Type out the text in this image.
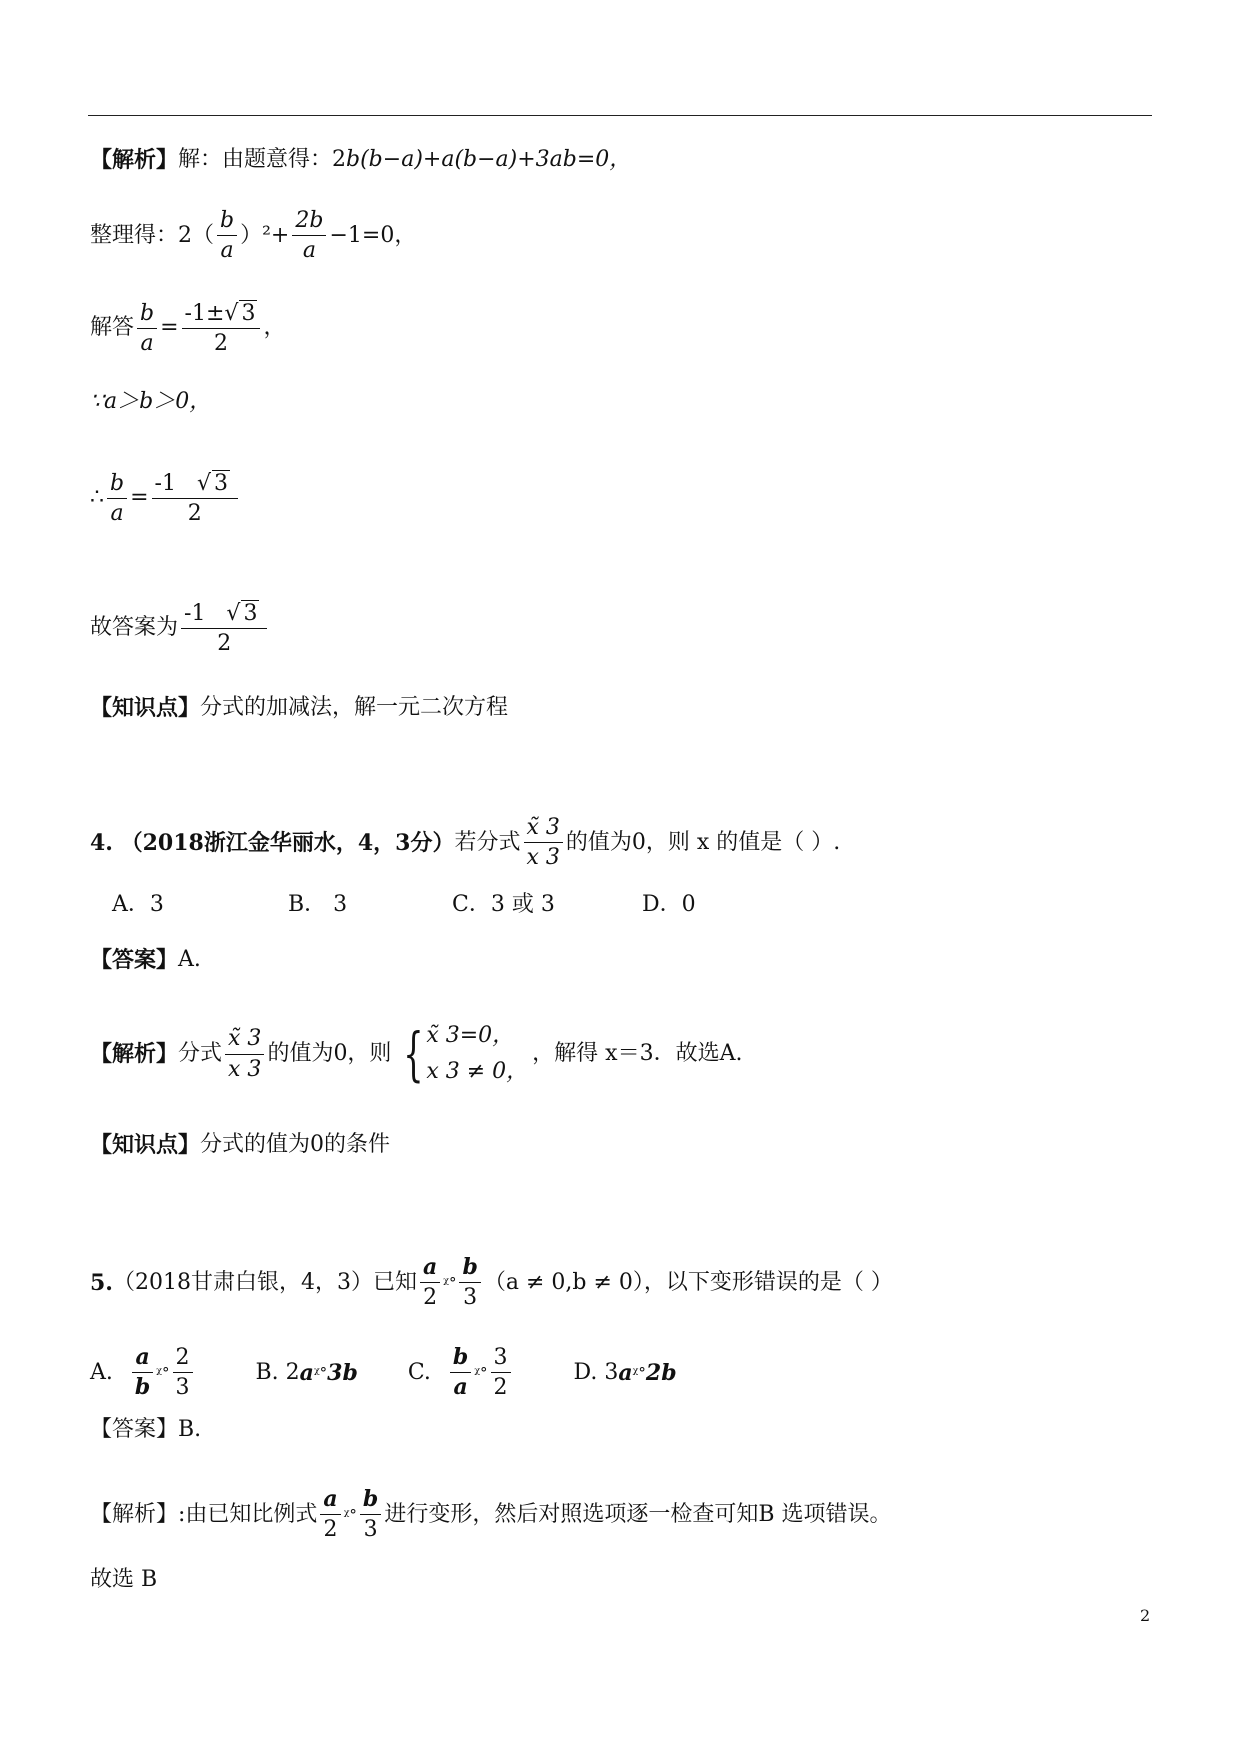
【解析】 解：由题意得：2 b(b−a)+a(b−a)+3ab=0，
整理得：$2( \frac{b}{a} )^2+ \frac{2b}{a} -1=0$，
解答 $\frac{b}{a} = \frac{-1\pm√ 3}{2}$ ，
∵a＞b＞0，
∴ $\frac{b}{a} = \frac{-1 √ 3}{2}$
故答案为 $\frac{-1 √ 3}{2}$
【知识点】 分式的加减法，解一元二次方程
4. （2018浙江金华丽水，4，3分） 若分式 $\frac{x̃ 3}{x 3}$ 的值为0，则 x 的值是（ ）.
A．3	B． 3	C．3 或 3	D．0
【答案】 A.
【解析】 分式 $\frac{x̃ 3}{x 3}$ 的值为0，则 { x̃ 3=0，
x 3 ≠ 0，
，解得 x＝3．故选A.
【知识点】 分式的值为0的条件
5. （2018甘肃白银，4，3）已知 $\frac{a}{2}$ ᵡ° $\frac{b}{3} (a \ne 0,b \ne 0)$，以下变形错误的是（ ）
A. $\frac{a}{b}$ ᵡ° $\frac{2}{3}$	B. 2 a ᵡ° 3b C. $\frac{b}{a}$ ᵡ° $\frac{3}{2}$	D. 3 a ᵡ° 2b
【答案】B.
【解析】:由已知比例式 $\frac{a}{2}$ ᵡ° $\frac{b}{3}$ 进行变形，然后对照选项逐一检查可知B 选项错误。
故选 B
2
